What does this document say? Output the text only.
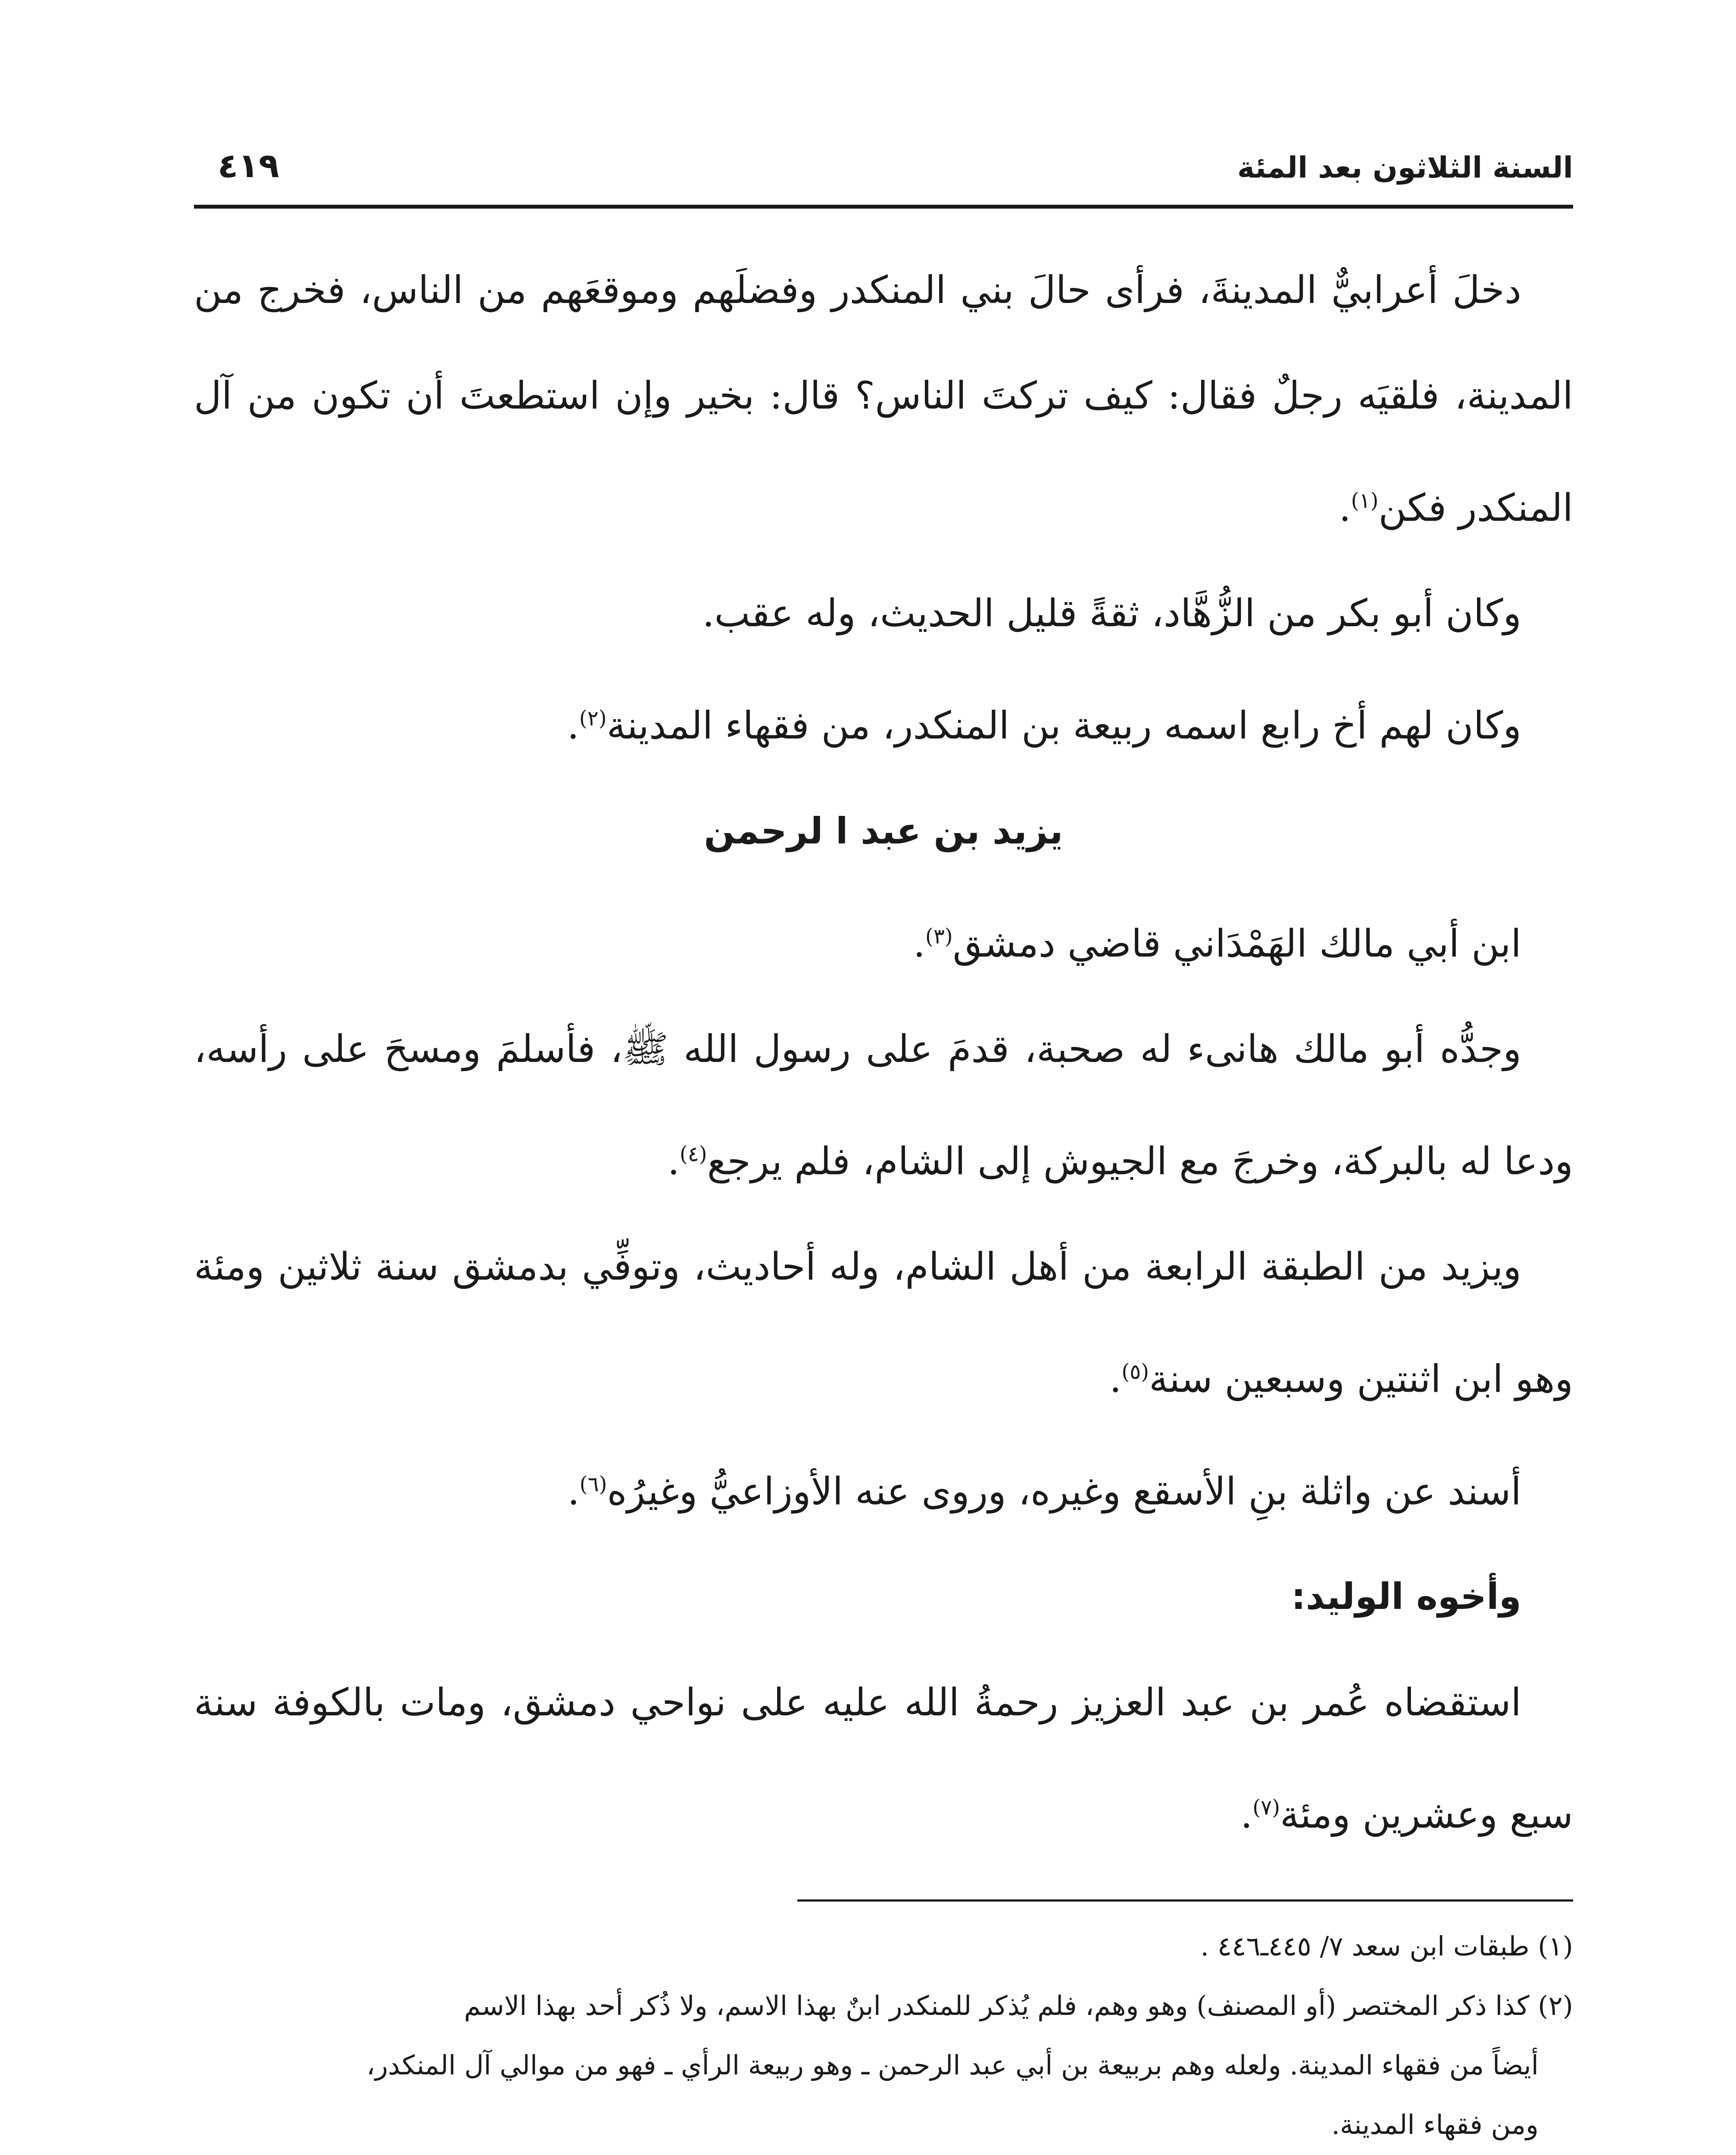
السنة الثلاثون بعد المئة
٤١٩

دخلَ أعرابيٌّ المدينةَ، فرأى حالَ بني المنكدر وفضلَهم وموقعَهم من الناس، فخرج من المدينة، فلقيَه رجلٌ فقال: كيف تركتَ الناس؟ قال: بخير وإن استطعتَ أن تكون من آل المنكدر فكن$^{(١)}$.

وكان أبو بكر من الزُّهَّاد، ثقةً قليل الحديث، وله عقب.

وكان لهم أخ رابع اسمه ربيعة بن المنكدر، من فقهاء المدينة$^{(٢)}$.

يزيد بن عبد ا لرحمن

ابن أبي مالك الهَمْدَاني قاضي دمشق$^{(٣)}$.

وجدُّه أبو مالك هانىء له صحبة، قدمَ على رسول الله ﷺ، فأسلمَ ومسحَ على رأسه، ودعا له بالبركة، وخرجَ مع الجيوش إلى الشام، فلم يرجع$^{(٤)}$.

ويزيد من الطبقة الرابعة من أهل الشام، وله أحاديث، وتوفِّي بدمشق سنة ثلاثين ومئة وهو ابن اثنتين وسبعين سنة$^{(٥)}$.

أسند عن واثلة بنِ الأسقع وغيره، وروى عنه الأوزاعيُّ وغيرُه$^{(٦)}$.

وأخوه الوليد:

استقضاه عُمر بن عبد العزيز رحمةُ الله عليه على نواحي دمشق، ومات بالكوفة سنة سبع وعشرين ومئة$^{(٧)}$.

(١) طبقات ابن سعد ٧/ ٤٤٥ـ٤٤٦ .

(٢) كذا ذكر المختصر (أو المصنف) وهو وهم، فلم يُذكر للمنكدر ابنٌ بهذا الاسم، ولا ذُكر أحد بهذا الاسم
أيضاً من فقهاء المدينة. ولعله وهم بربيعة بن أبي عبد الرحمن ـ وهو ربيعة الرأي ـ فهو من موالي آل المنكدر،
ومن فقهاء المدينة.
